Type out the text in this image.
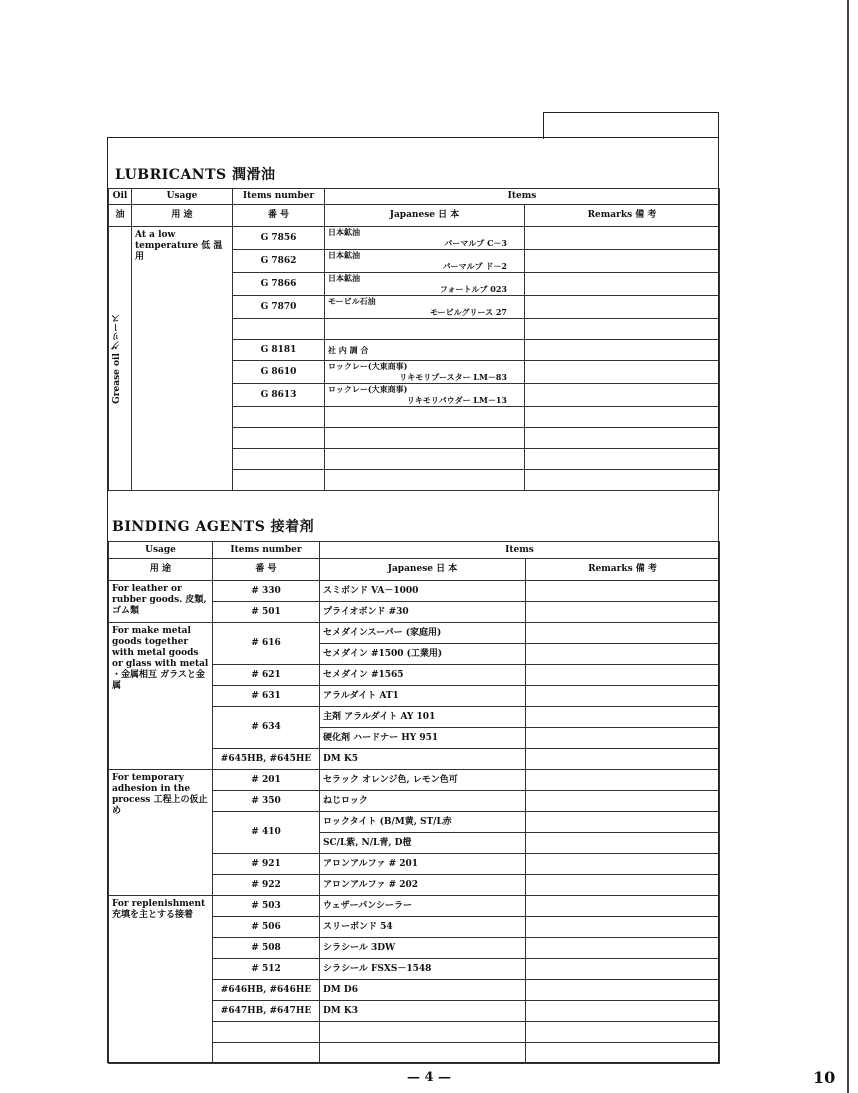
LUBRICANTS 潤滑油
Oil	Usage	Items number	Items	
油	用 途	番 号	Japanese 日 本	Remarks 備 考

Grease oil グリース	At a low temperature 低 温 用	G 7856	日本鉱油
パーマルプ C－3	

		G 7862	日本鉱油
パーマルプ ド－2	

		G 7866	日本鉱油
フォートルブ 023	

		G 7870	モービル石油
モービルグリース 27	

		G 8181	社 内 調 合	

		G 8610	ロックレー(大東商事)
リキモリプースター LM－83	

		G 8613	ロックレー(大東商事)
リキモリパウダー LM－13	

BINDING AGENTS 接着剤
Usage	Items number	Items	
用 途	番 号	Japanese 日 本	Remarks 備 考
For leather or rubber goods. 皮類, ゴム類	# 330	スミボンド VA－1000	
	# 501	プライオボンド #30	
For make metal goods together with metal goods or glass with metal ・金属相互 ガラスと金属	# 616	セメダインスーパー (家庭用)	
		セメダイン #1500 (工業用)	
	# 621	セメダイン #1565	
	# 631	アラルダイト AT1	
	# 634	主剤 アラルダイト AY 101	
		硬化剤 ハードナー HY 951	
	#645HB, #645HE	DM K5	
For temporary adhesion in the process 工程上の仮止め	# 201	セラック オレンジ色, レモン色可	
	# 350	ねじロック	
	# 410	ロックタイト (B/M黄, ST/L赤	
		SC/L紫, N/L青, D橙	
	# 921	アロンアルファ # 201	
	# 922	アロンアルファ # 202	
For replenishment 充填を主とする接着	# 503	ウェザーパンシーラー	
	# 506	スリーボンド 54	
	# 508	シラシール 3DW	
	# 512	シラシール FSXS－1548	
	#646HB, #646HE	DM D6	
	#647HB, #647HE	DM K3	

— 4 —	10
